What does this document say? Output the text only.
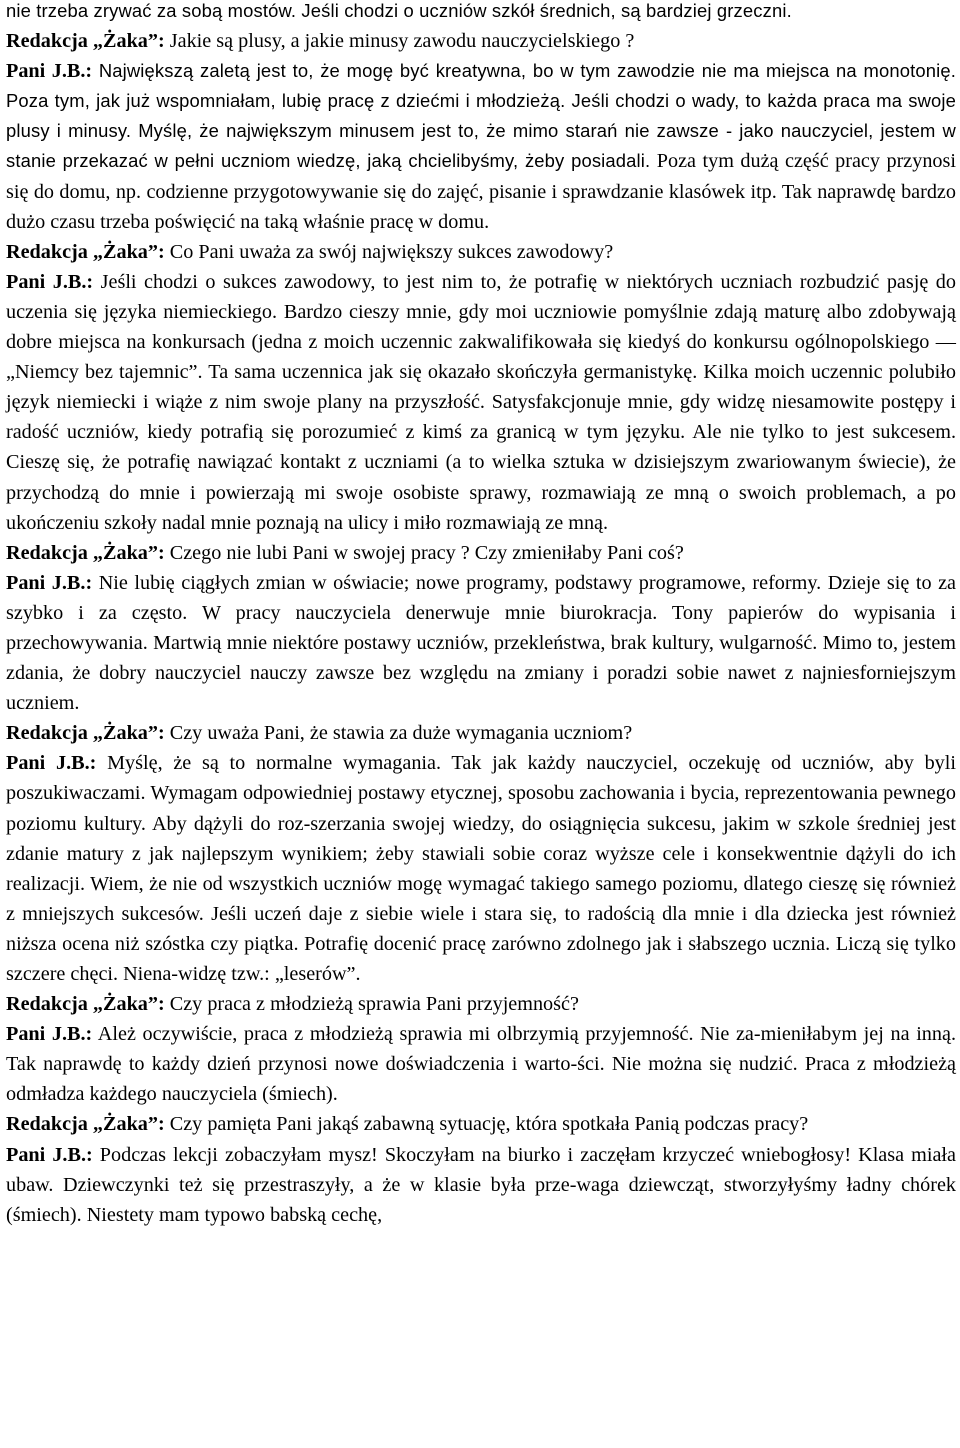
nie trzeba zrywać za sobą mostów. Jeśli chodzi o uczniów szkół średnich, są bardziej grzeczni.

Redakcja „Żaka”: Jakie są plusy, a jakie minusy zawodu nauczycielskiego ?

Pani J.B.: Największą zaletą jest to, że mogę być kreatywna, bo w tym zawodzie nie ma miejsca na monotonię. Poza tym, jak już wspomniałam, lubię pracę z dziećmi i młodzieżą. Jeśli chodzi o wady, to każda praca ma swoje plusy i minusy. Myślę, że największym minusem jest to, że mimo starań nie zawsze - jako nauczyciel, jestem w stanie przekazać w pełni uczniom wiedzę, jaką chcielibyśmy, żeby posiadali. Poza tym dużą część pracy przynosi się do domu, np. codzienne przygotowywanie się do zajęć, pisanie i sprawdzanie klasówek itp. Tak naprawdę bardzo dużo czasu trzeba poświęcić na taką właśnie pracę w domu.

Redakcja „Żaka”: Co Pani uważa za swój największy sukces zawodowy?

Pani J.B.: Jeśli chodzi o sukces zawodowy, to jest nim to, że potrafię w niektórych uczniach rozbudzić pasję do uczenia się języka niemieckiego. Bardzo cieszy mnie, gdy moi uczniowie pomyślnie zdają maturę albo zdobywają dobre miejsca na konkursach (jedna z moich uczennic zakwalifikowała się kiedyś do konkursu ogólnopolskiego — „Niemcy bez tajemnic”. Ta sama uczennica jak się okazało skończyła germanistykę. Kilka moich uczennic polubiło język niemiecki i wiąże z nim swoje plany na przyszłość. Satysfakcjonuje mnie, gdy widzę niesamowite postępy i radość uczniów, kiedy potrafią się porozumieć z kimś za granicą w tym języku. Ale nie tylko to jest sukcesem. Cieszę się, że potrafię nawiązać kontakt z uczniami (a to wielka sztuka w dzisiejszym zwariowanym świecie), że przychodzą do mnie i powierzają mi swoje osobiste sprawy, rozmawiają ze mną o swoich problemach, a po ukończeniu szkoły nadal mnie poznają na ulicy i miło rozmawiają ze mną.

Redakcja „Żaka”: Czego nie lubi Pani w swojej pracy ? Czy zmieniłaby Pani coś?

Pani J.B.: Nie lubię ciągłych zmian w oświacie; nowe programy, podstawy programowe, reformy. Dzieje się to za szybko i za często. W pracy nauczyciela denerwuje mnie biurokracja. Tony papierów do wypisania i przechowywania. Martwią mnie niektóre postawy uczniów, przekleństwa, brak kultury, wulgarność. Mimo to, jestem zdania, że dobry nauczyciel nauczy zawsze bez względu na zmiany i poradzi sobie nawet z najniesforniejszym uczniem.

Redakcja „Żaka”: Czy uważa Pani, że stawia za duże wymagania uczniom?

Pani J.B.: Myślę, że są to normalne wymagania. Tak jak każdy nauczyciel, oczekuję od uczniów, aby byli poszukiwaczami. Wymagam odpowiedniej postawy etycznej, sposobu zachowania i bycia, reprezentowania pewnego poziomu kultury. Aby dążyli do roz-szerzania swojej wiedzy, do osiągnięcia sukcesu, jakim w szkole średniej jest zdanie matury z jak najlepszym wynikiem; żeby stawiali sobie coraz wyższe cele i konsekwentnie dążyli do ich realizacji. Wiem, że nie od wszystkich uczniów mogę wymagać takiego samego poziomu, dlatego cieszę się również z mniejszych sukcesów. Jeśli uczeń daje z siebie wiele i stara się, to radością dla mnie i dla dziecka jest również niższa ocena niż szóstka czy piątka. Potrafię docenić pracę zarówno zdolnego jak i słabszego ucznia. Liczą się tylko szczere chęci. Niena-widzę tzw.: „leserów”.

Redakcja „Żaka”: Czy praca z młodzieżą sprawia Pani przyjemność?

Pani J.B.: Ależ oczywiście, praca z młodzieżą sprawia mi olbrzymią przyjemność. Nie za-mieniłabym jej na inną. Tak naprawdę to każdy dzień przynosi nowe doświadczenia i warto-ści. Nie można się nudzić. Praca z młodzieżą odmładza każdego nauczyciela (śmiech).

Redakcja „Żaka”: Czy pamięta Pani jakąś zabawną sytuację, która spotkała Panią podczas pracy?

Pani J.B.: Podczas lekcji zobaczyłam mysz! Skoczyłam na biurko i zaczęłam krzyczeć wniebogłosy! Klasa miała ubaw. Dziewczynki też się przestraszyły, a że w klasie była prze-waga dziewcząt, stworzyłyśmy ładny chórek (śmiech). Niestety mam typowo babską cechę,
